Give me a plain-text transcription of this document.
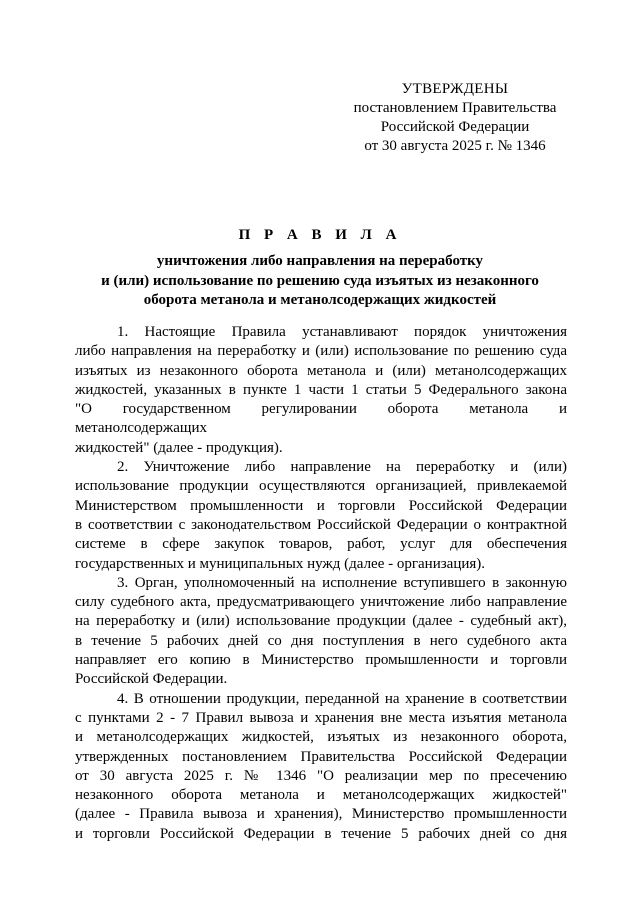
УТВЕРЖДЕНЫ
постановлением Правительства
Российской Федерации
от 30 августа 2025 г. № 1346
П Р А В И Л А
уничтожения либо направления на переработку
и (или) использование по решению суда изъятых из незаконного
оборота метанола и метанолсодержащих жидкостей
1. Настоящие Правила устанавливают порядок уничтожения
либо направления на переработку и (или) использование по решению суда
изъятых из незаконного оборота метанола и (или) метанолсодержащих
жидкостей, указанных в пункте 1 части 1 статьи 5 Федерального закона
"О государственном регулировании оборота метанола и метанолсодержащих
жидкостей" (далее - продукция).
2. Уничтожение либо направление на переработку и (или)
использование продукции осуществляются организацией, привлекаемой
Министерством промышленности и торговли Российской Федерации
в соответствии с законодательством Российской Федерации о контрактной
системе в сфере закупок товаров, работ, услуг для обеспечения
государственных и муниципальных нужд (далее - организация).
3. Орган, уполномоченный на исполнение вступившего в законную
силу судебного акта, предусматривающего уничтожение либо направление
на переработку и (или) использование продукции (далее - судебный акт),
в течение 5 рабочих дней со дня поступления в него судебного акта
направляет его копию в Министерство промышленности и торговли
Российской Федерации.
4. В отношении продукции, переданной на хранение в соответствии
с пунктами 2 - 7 Правил вывоза и хранения вне места изъятия метанола
и метанолсодержащих жидкостей, изъятых из незаконного оборота,
утвержденных постановлением Правительства Российской Федерации
от 30 августа 2025 г. № 1346 "О реализации мер по пресечению
незаконного оборота метанола и метанолсодержащих жидкостей"
(далее - Правила вывоза и хранения), Министерство промышленности
и торговли Российской Федерации в течение 5 рабочих дней со дня
